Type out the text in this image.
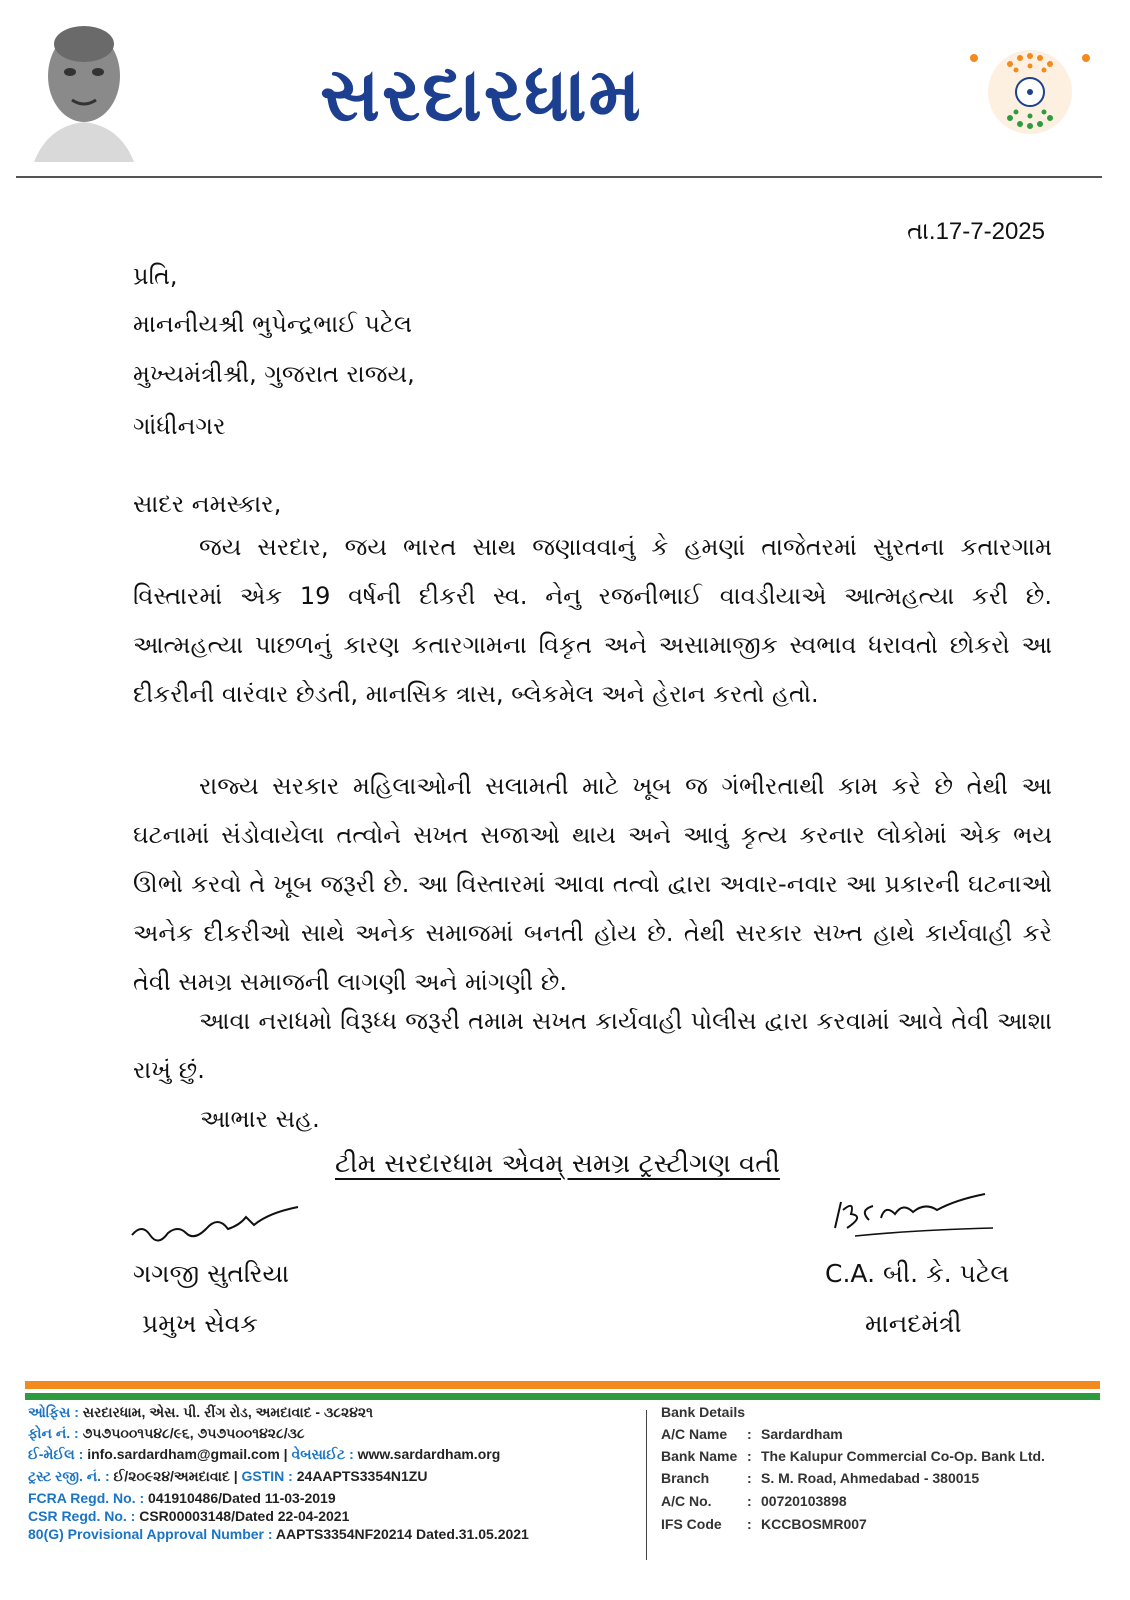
સરદારધામ
તા.17-7-2025
પ્રતિ,
માનનીયશ્રી ભુપેન્દ્રભાઈ પટેલ
મુખ્યમંત્રીશ્રી, ગુજરાત રાજય,
ગાંધીનગર
સાદર નમસ્કાર,
જય સરદાર, જય ભારત સાથ જણાવવાનું કે હમણાં તાજેતરમાં સુરતના કતારગામ વિસ્તારમાં એક 19 વર્ષની દીકરી સ્વ. નેનુ રજનીભાઈ વાવડીયાએ આત્મહત્યા કરી છે. આત્મહત્યા પાછળનું કારણ કતારગામના વિકૃત અને અસામાજીક સ્વભાવ ધરાવતો છોકરો આ દીકરીની વારંવાર છેડતી, માનસિક ત્રાસ, બ્લેકમેલ અને હેરાન કરતો હતો.
રાજ્ય સરકાર મહિલાઓની સલામતી માટે ખૂબ જ ગંભીરતાથી કામ કરે છે તેથી આ ઘટનામાં સંડોવાયેલા તત્વોને સખત સજાઓ થાય અને આવું કૃત્ય કરનાર લોકોમાં એક ભય ઊભો કરવો તે ખૂબ જરૂરી છે. આ વિસ્તારમાં આવા તત્વો દ્વારા અવાર-નવાર આ પ્રકારની ઘટનાઓ અનેક દીકરીઓ સાથે અનેક સમાજમાં બનતી હોય છે. તેથી સરકાર સખ્ત હાથે કાર્યવાહી કરે તેવી સમગ્ર સમાજની લાગણી અને માંગણી છે.
આવા નરાધમો વિરૂધ્ધ જરૂરી તમામ સખત કાર્યવાહી પોલીસ દ્વારા કરવામાં આવે તેવી આશા રાખું છું.
આભાર સહ.
ટીમ સરદારધામ એવમ્ સમગ્ર ટ્રસ્ટીગણ વતી
ગગજી સુતરિયા
પ્રમુખ સેવક
C.A. બી. કે. પટેલ
માનદમંત્રી
ઓફિસ : સરદારધામ, એસ. પી. રીંગ રોડ, અમદાવાદ - ૩૮૨૪૨૧
ફોન નં. : ૭૫૭૫૦૦૧૫૪૮/૯૬, ૭૫૭૫૦૦૧૪૨૮/૩૮
ઈ-મેઈલ : info.sardardham@gmail.com | વેબસાઈટ : www.sardardham.org
ટ્રસ્ટ રજી. નં. : ઈ/૨૦૯૨૪/અમદાવાદ | GSTIN : 24AAPTS3354N1ZU
FCRA Regd. No. : 041910486/Dated 11-03-2019
CSR Regd. No. : CSR00003148/Dated 22-04-2021
80(G) Provisional Approval Number : AAPTS3354NF20214 Dated.31.05.2021
Bank Details
A/C Name : Sardardham
Bank Name : The Kalupur Commercial Co-Op. Bank Ltd.
Branch	: S. M. Road, Ahmedabad - 380015
A/C No.	: 00720103898
IFS Code : KCCBOSMR007
